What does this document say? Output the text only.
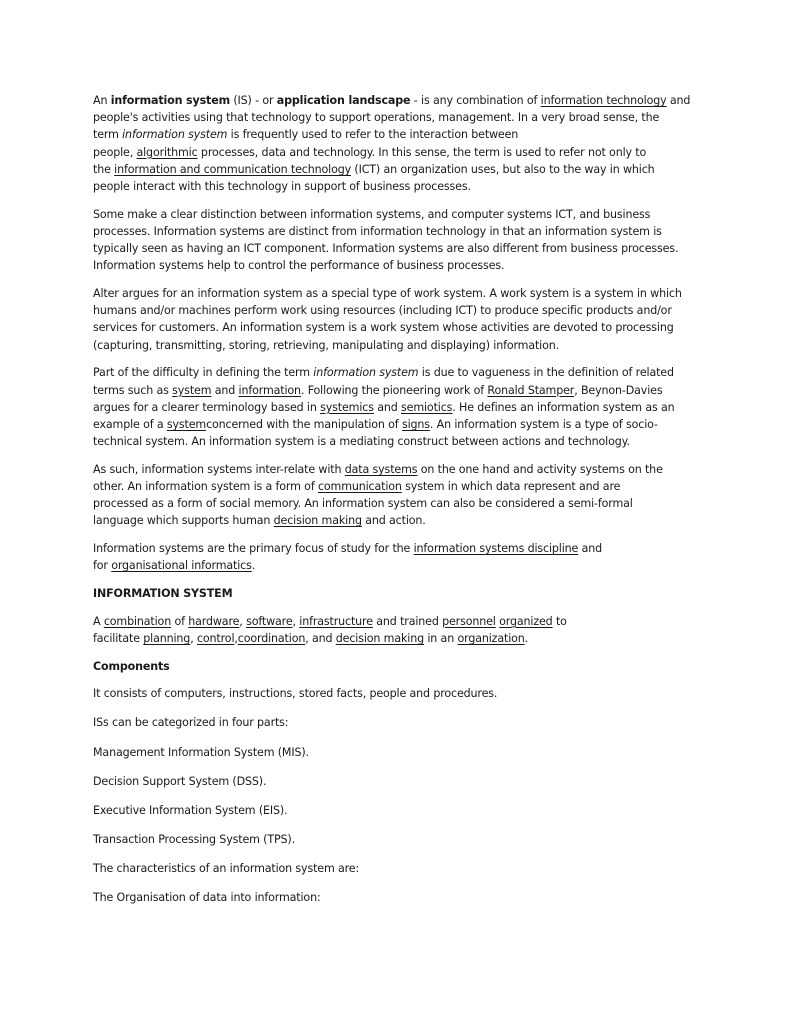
An information system (IS) - or application landscape - is any combination of information technology and
people's activities using that technology to support operations, management. In a very broad sense, the
term information system is frequently used to refer to the interaction between
people, algorithmic processes, data and technology. In this sense, the term is used to refer not only to
the information and communication technology (ICT) an organization uses, but also to the way in which
people interact with this technology in support of business processes.
Some make a clear distinction between information systems, and computer systems ICT, and business
processes. Information systems are distinct from information technology in that an information system is
typically seen as having an ICT component. Information systems are also different from business processes.
Information systems help to control the performance of business processes.
Alter argues for an information system as a special type of work system. A work system is a system in which
humans and/or machines perform work using resources (including ICT) to produce specific products and/or
services for customers. An information system is a work system whose activities are devoted to processing
(capturing, transmitting, storing, retrieving, manipulating and displaying) information.
Part of the difficulty in defining the term information system is due to vagueness in the definition of related
terms such as system and information. Following the pioneering work of Ronald Stamper, Beynon-Davies
argues for a clearer terminology based in systemics and semiotics. He defines an information system as an
example of a systemconcerned with the manipulation of signs. An information system is a type of socio-
technical system. An information system is a mediating construct between actions and technology.
As such, information systems inter-relate with data systems on the one hand and activity systems on the
other. An information system is a form of communication system in which data represent and are
processed as a form of social memory. An information system can also be considered a semi-formal
language which supports human decision making and action.
Information systems are the primary focus of study for the information systems discipline and
for organisational informatics.
INFORMATION SYSTEM
A combination of hardware, software, infrastructure and trained personnel organized to
facilitate planning, control,coordination, and decision making in an organization.
Components
It consists of computers, instructions, stored facts, people and procedures.
ISs can be categorized in four parts:
Management Information System (MIS).
Decision Support System (DSS).
Executive Information System (EIS).
Transaction Processing System (TPS).
The characteristics of an information system are:
The Organisation of data into information:
